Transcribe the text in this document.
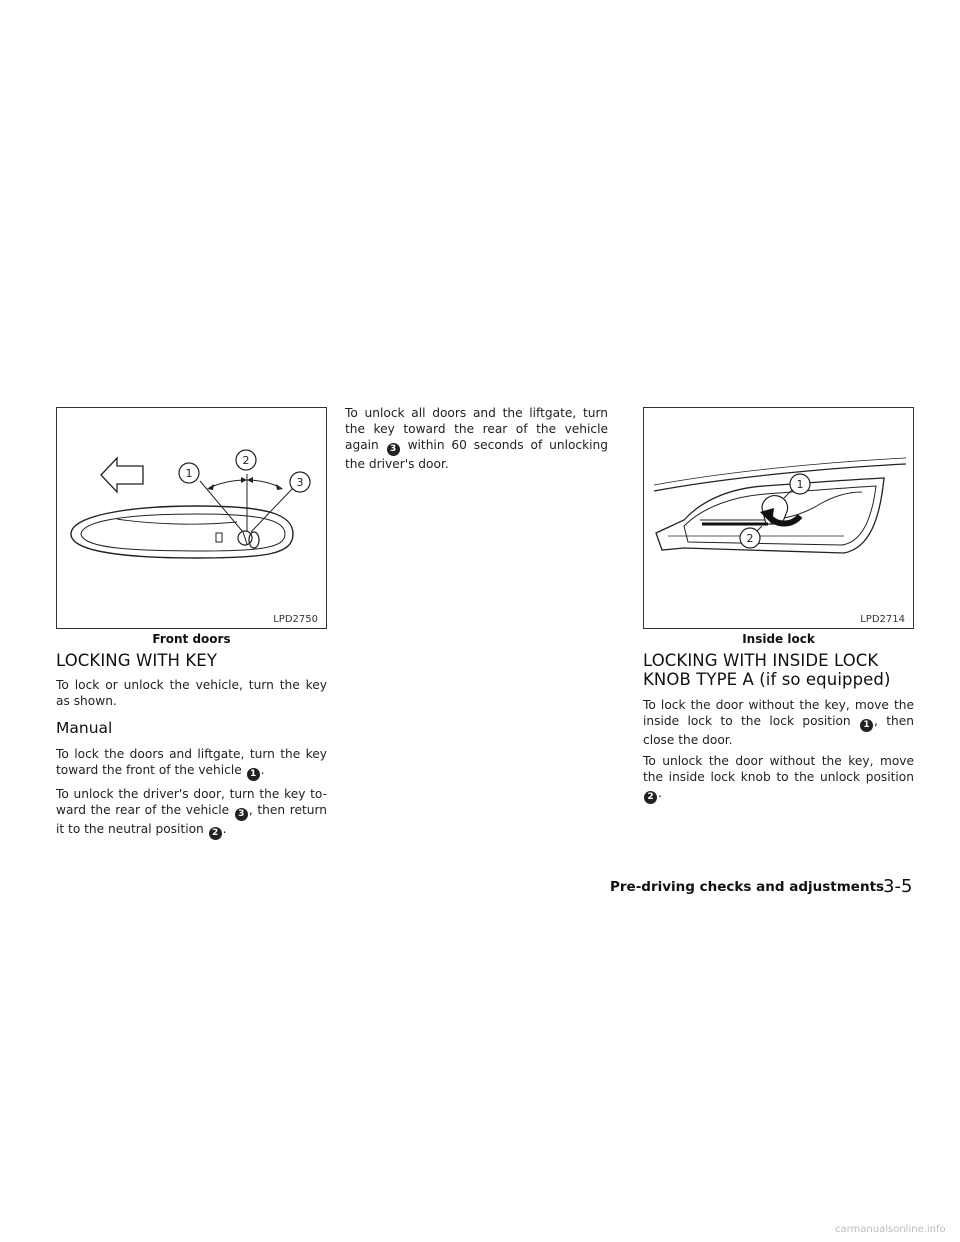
1
2
3
LPD2750
Front doors
LOCKING WITH KEY

To lock or unlock the vehicle, turn the key as shown.

Manual

To lock the doors and liftgate, turn the key toward the front of the vehicle 1 .

To unlock the driver's door, turn the key to-ward the rear of the vehicle 3 , then return it to the neutral position 2 .

To unlock all doors and the liftgate, turn the key toward the rear of the vehicle again 3 within 60 seconds of unlocking the driver's door.

1
2
LPD2714
Inside lock
LOCKING WITH INSIDE LOCK
KNOB TYPE A (if so equipped)

To lock the door without the key, move the inside lock to the lock position 1 , then close the door.

To unlock the door without the key, move the inside lock knob to the unlock position 2 .

Pre-driving checks and adjustments
3-5
carmanualsonline.info
